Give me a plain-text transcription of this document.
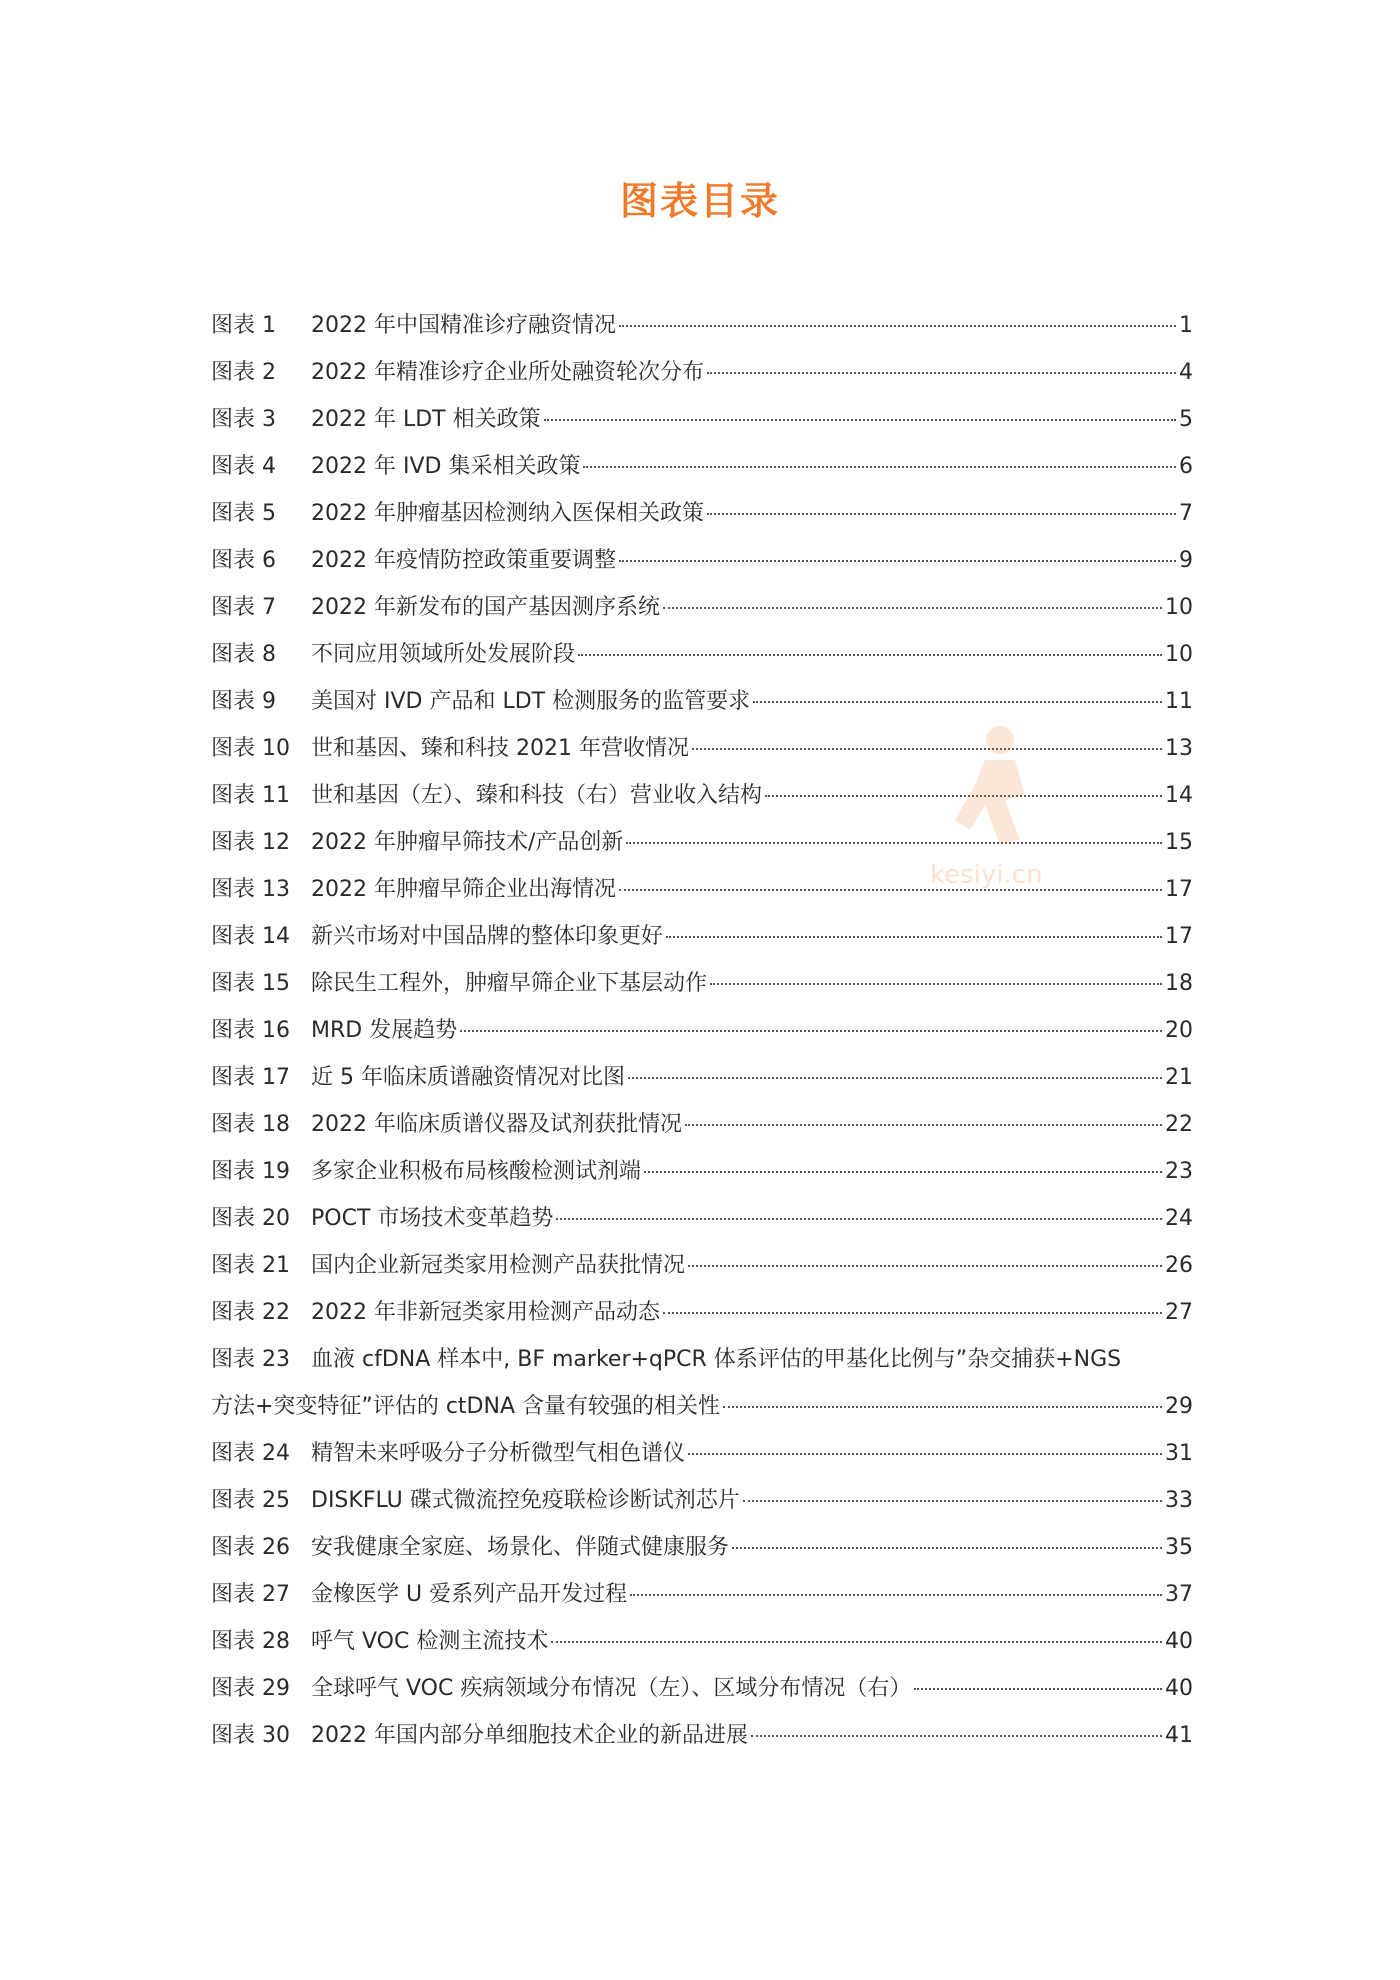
图表目录
图表 1	2022 年中国精准诊疗融资情况	1
图表 2	2022 年精准诊疗企业所处融资轮次分布	4
图表 3	2022 年 LDT 相关政策	5
图表 4	2022 年 IVD 集采相关政策	6
图表 5	2022 年肿瘤基因检测纳入医保相关政策	7
图表 6	2022 年疫情防控政策重要调整	9
图表 7	2022 年新发布的国产基因测序系统	10
图表 8	不同应用领域所处发展阶段	10
图表 9	美国对 IVD 产品和 LDT 检测服务的监管要求	11
图表 10 世和基因、臻和科技 2021 年营收情况	13
图表 11 世和基因（左）、臻和科技（右）营业收入结构	14
图表 12 2022 年肿瘤早筛技术/产品创新	15
图表 13 2022 年肿瘤早筛企业出海情况	17
图表 14 新兴市场对中国品牌的整体印象更好	17
图表 15 除民生工程外，肿瘤早筛企业下基层动作	18
图表 16 MRD 发展趋势	20
图表 17 近 5 年临床质谱融资情况对比图	21
图表 18 2022 年临床质谱仪器及试剂获批情况	22
图表 19 多家企业积极布局核酸检测试剂端	23
图表 20 POCT 市场技术变革趋势	24
图表 21 国内企业新冠类家用检测产品获批情况	26
图表 22 2022 年非新冠类家用检测产品动态	27
图表 23 血液 cfDNA 样本中, BF marker+qPCR 体系评估的甲基化比例与”杂交捕获+NGS
方法+突变特征”评估的 ctDNA 含量有较强的相关性	29
图表 24 精智未来呼吸分子分析微型气相色谱仪	31
图表 25 DISKFLU 碟式微流控免疫联检诊断试剂芯片	33
图表 26 安我健康全家庭、场景化、伴随式健康服务	35
图表 27 金橡医学 U 爱系列产品开发过程	37
图表 28 呼气 VOC 检测主流技术	40
图表 29 全球呼气 VOC 疾病领域分布情况（左）、区域分布情况（右）	40
图表 30 2022 年国内部分单细胞技术企业的新品进展	41
kesiyi.cn
